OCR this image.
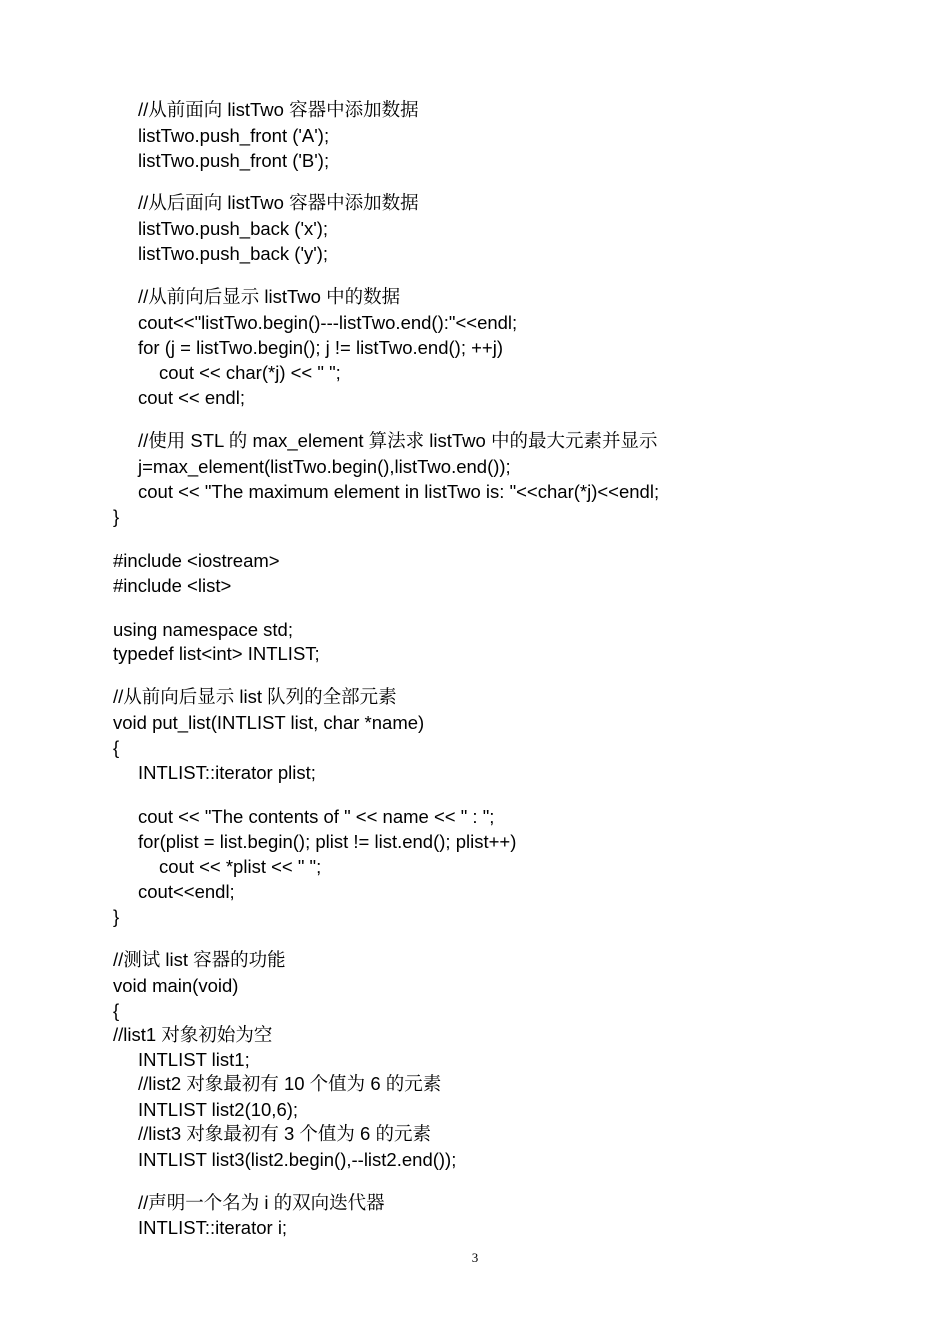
//从前面向 listTwo 容器中添加数据
listTwo.push_front ('A');
listTwo.push_front ('B');
//从后面向 listTwo 容器中添加数据
listTwo.push_back ('x');
listTwo.push_back ('y');
//从前向后显示 listTwo 中的数据
cout<<"listTwo.begin()---listTwo.end():"<<endl;
for (j = listTwo.begin(); j != listTwo.end(); ++j)
cout << char(*j) << " ";
cout << endl;
//使用 STL 的 max_element 算法求 listTwo 中的最大元素并显示
j=max_element(listTwo.begin(),listTwo.end());
cout << "The maximum element in listTwo is: "<<char(*j)<<endl;
}
#include <iostream>
#include <list>
using namespace std;
typedef list<int> INTLIST;
//从前向后显示 list 队列的全部元素
void put_list(INTLIST list, char *name)
{
INTLIST::iterator plist;
cout << "The contents of " << name << " : ";
for(plist = list.begin(); plist != list.end(); plist++)
cout << *plist << " ";
cout<<endl;
}
//测试 list 容器的功能
void main(void)
{
//list1 对象初始为空
INTLIST list1;
//list2 对象最初有 10 个值为 6 的元素
INTLIST list2(10,6);
//list3 对象最初有 3 个值为 6 的元素
INTLIST list3(list2.begin(),--list2.end());
//声明一个名为 i 的双向迭代器
INTLIST::iterator i;
3
